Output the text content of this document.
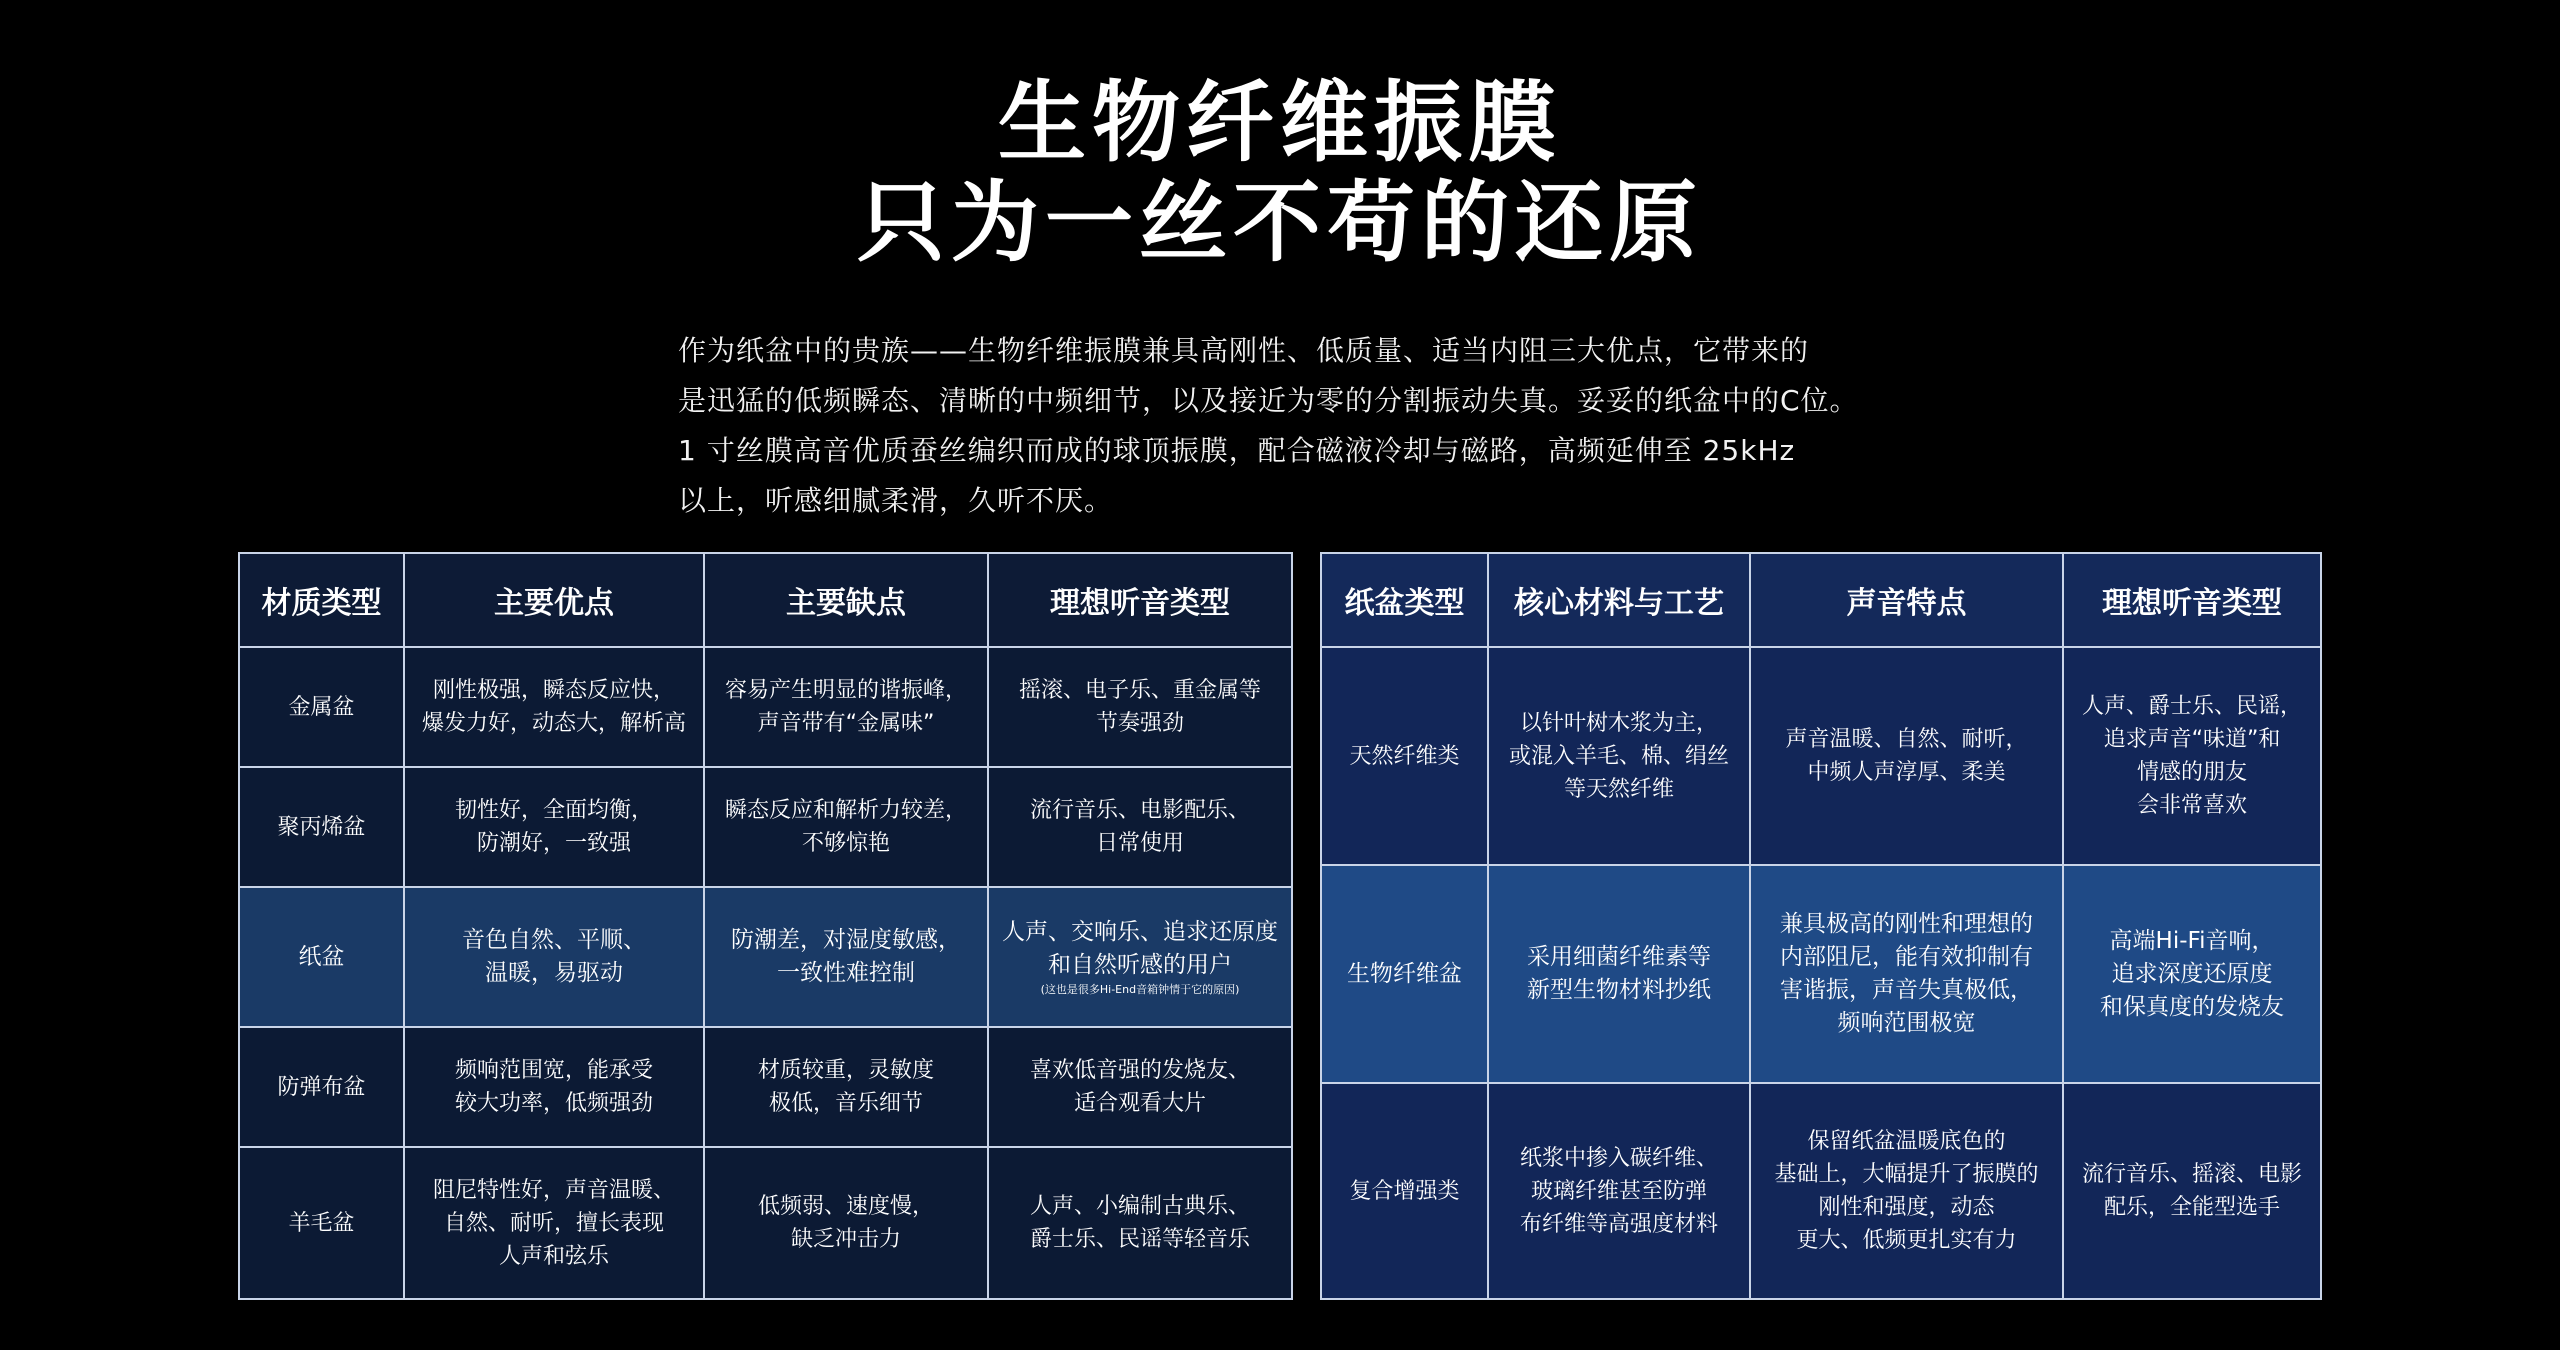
生物纤维振膜
只为一丝不苟的还原
作为纸盆中的贵族——生物纤维振膜兼具高刚性、低质量、适当内阻三大优点，它带来的
是迅猛的低频瞬态、清晰的中频细节，以及接近为零的分割振动失真。妥妥的纸盆中的C位。
1 寸丝膜高音优质蚕丝编织而成的球顶振膜，配合磁液冷却与磁路，高频延伸至 25kHz
以上，听感细腻柔滑，久听不厌。
材质类型	主要优点	主要缺点	理想听音类型
金属盆	刚性极强，瞬态反应快，
爆发力好，动态大，解析高	容易产生明显的谐振峰，
声音带有“金属味”	摇滚、电子乐、重金属等
节奏强劲

聚丙烯盆	韧性好，全面均衡，
防潮好，一致强	瞬态反应和解析力较差，
不够惊艳	流行音乐、电影配乐、
日常使用

纸盆	音色自然、平顺、
温暖，易驱动	防潮差，对湿度敏感，
一致性难控制	人声、交响乐、追求还原度
和自然听感的用户
(这也是很多Hi-End音箱钟情于它的原因)

防弹布盆	频响范围宽，能承受
较大功率，低频强劲	材质较重，灵敏度
极低，音乐细节	喜欢低音强的发烧友、
适合观看大片

羊毛盆	阻尼特性好，声音温暖、
自然、耐听，擅长表现
人声和弦乐	低频弱、速度慢，
缺乏冲击力	人声、小编制古典乐、
爵士乐、民谣等轻音乐
纸盆类型	核心材料与工艺	声音特点	理想听音类型
天然纤维类	以针叶树木浆为主，
或混入羊毛、棉、绢丝
等天然纤维	声音温暖、自然、耐听，
中频人声淳厚、柔美	人声、爵士乐、民谣，
追求声音“味道”和
情感的朋友
会非常喜欢

生物纤维盆	采用细菌纤维素等
新型生物材料抄纸	兼具极高的刚性和理想的
内部阻尼，能有效抑制有
害谐振，声音失真极低，
频响范围极宽	高端Hi-Fi音响，
追求深度还原度
和保真度的发烧友

复合增强类	纸浆中掺入碳纤维、
玻璃纤维甚至防弹
布纤维等高强度材料	保留纸盆温暖底色的
基础上，大幅提升了振膜的
刚性和强度，动态
更大、低频更扎实有力	流行音乐、摇滚、电影
配乐，全能型选手
